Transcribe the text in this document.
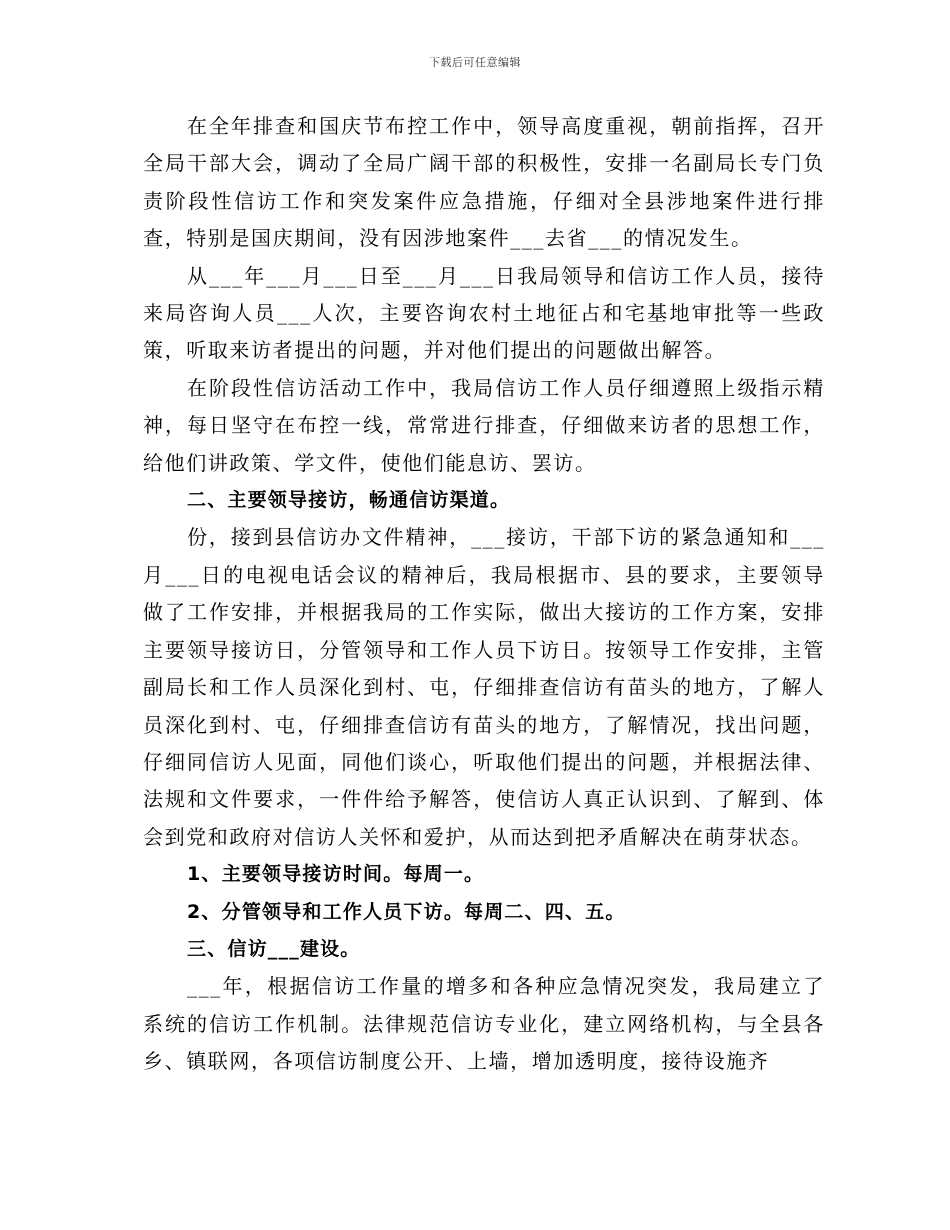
下载后可任意编辑

在全年排查和国庆节布控工作中，领导高度重视，朝前指挥，召开全局干部大会，调动了全局广阔干部的积极性，安排一名副局长专门负责阶段性信访工作和突发案件应急措施，仔细对全县涉地案件进行排查，特别是国庆期间，没有因涉地案件___去省___的情况发生。

从___年___月___日至___月___日我局领导和信访工作人员，接待来局咨询人员___人次，主要咨询农村土地征占和宅基地审批等一些政策，听取来访者提出的问题，并对他们提出的问题做出解答。

在阶段性信访活动工作中，我局信访工作人员仔细遵照上级指示精神，每日坚守在布控一线，常常进行排查，仔细做来访者的思想工作，给他们讲政策、学文件，使他们能息访、罢访。

二、主要领导接访，畅通信访渠道。

份，接到县信访办文件精神，___接访，干部下访的紧急通知和___月___日的电视电话会议的精神后，我局根据市、县的要求，主要领导做了工作安排，并根据我局的工作实际，做出大接访的工作方案，安排主要领导接访日，分管领导和工作人员下访日。按领导工作安排，主管副局长和工作人员深化到村、屯，仔细排查信访有苗头的地方，了解人员深化到村、屯，仔细排查信访有苗头的地方，了解情况，找出问题，仔细同信访人见面，同他们谈心，听取他们提出的问题，并根据法律、法规和文件要求，一件件给予解答，使信访人真正认识到、了解到、体会到党和政府对信访人关怀和爱护，从而达到把矛盾解决在萌芽状态。

1、主要领导接访时间。每周一。

2、分管领导和工作人员下访。每周二、四、五。

三、信访___建设。

___年，根据信访工作量的增多和各种应急情况突发，我局建立了系统的信访工作机制。法律规范信访专业化，建立网络机构，与全县各乡、镇联网，各项信访制度公开、上墙，增加透明度，接待设施齐
